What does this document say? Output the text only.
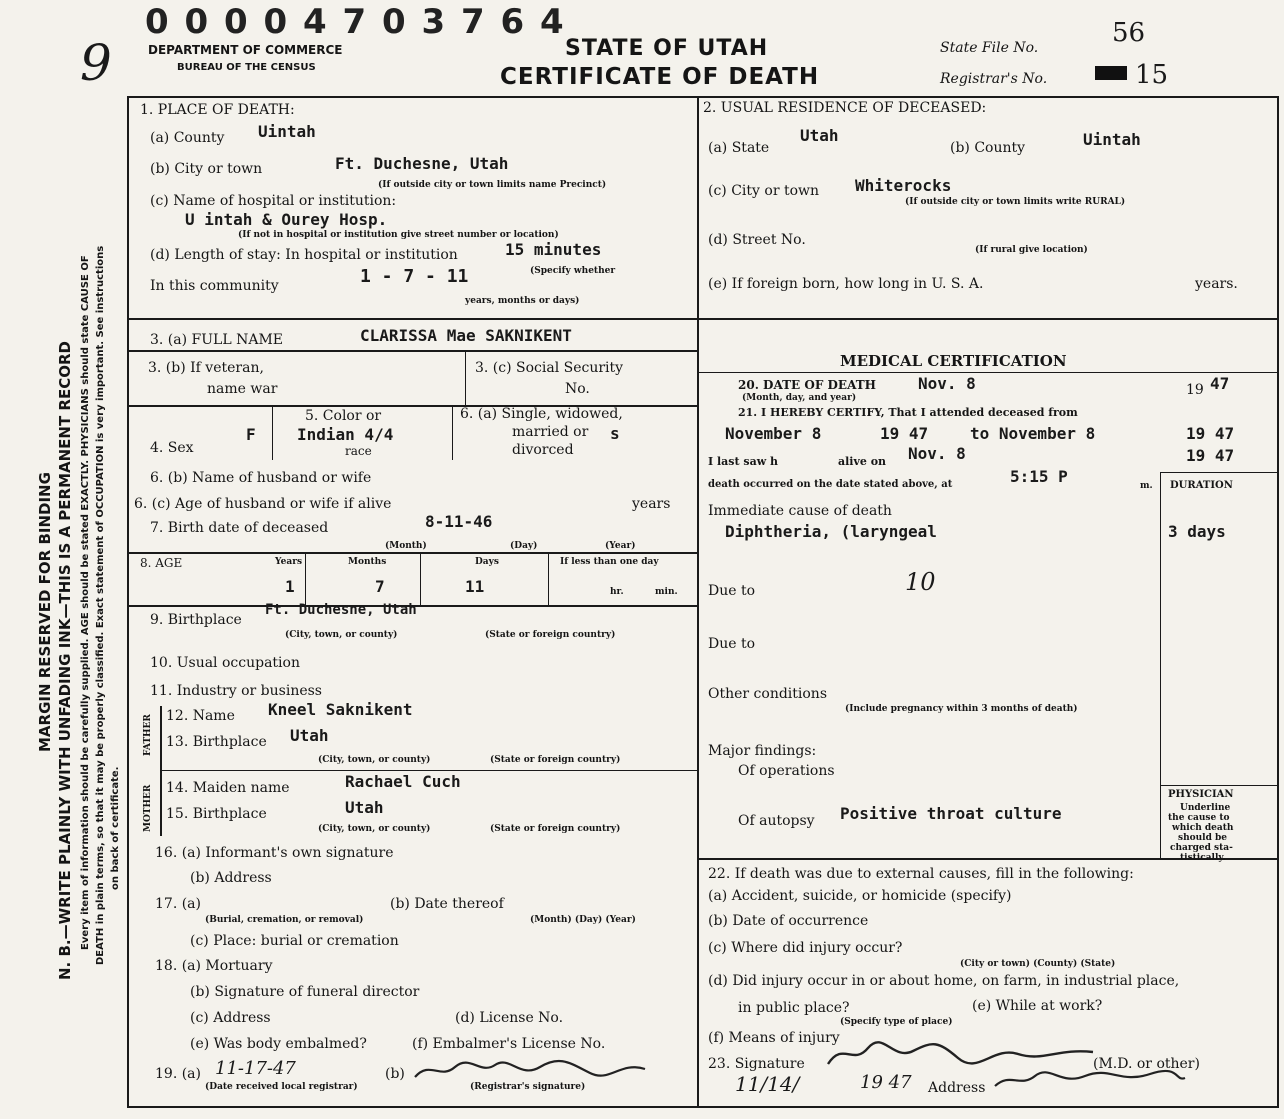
0 0 0 0 4 7 0 3 7 6 4
9	DEPARTMENT OF COMMERCE
BUREAU OF THE CENSUS
STATE OF UTAH
CERTIFICATE OF DEATH
State File No.	56
Registrar's No.	15
MARGIN RESERVED FOR BINDING N. B.—WRITE PLAINLY WITH UNFADING INK—THIS IS A PERMANENT RECORD Every item of information should be carefully supplied. AGE should be stated EXACTLY. PHYSICIANS should state CAUSE OF DEATH in plain terms, so that it may be properly classified. Exact statement of OCCUPATION is very important. See instructions on back of certificate.
1. PLACE OF DEATH:
(a) County Uintah
(b) City or town	Ft. Duchesne, Utah
(If outside city or town limits name Precinct)
(c) Name of hospital or institution:
U intah & Ourey Hosp.
(If not in hospital or institution give street number or location)
(d) Length of stay: In hospital or institution	15 minutes
(Specify whether
In this community	1 - 7 - 11
years, months or days)
3. (a) FULL NAME	CLARISSA Mae SAKNIKENT
3. (b) If veteran,
name war
3. (c) Social Security
No.
4. Sex
F
5. Color or
Indian 4/4
race
6. (a) Single, widowed,
married or
divorced
s
6. (b) Name of husband or wife
6. (c) Age of husband or wife if alive	years
7. Birth date of deceased	8-11-46
(Month)	(Day)	(Year)
8. AGE	Years	Months	Days	If less than one day
1	7	11	hr.	min.
9. Birthplace
Ft. Duchesne, Utah
(City, town, or county)	(State or foreign country)
10. Usual occupation
11. Industry or business
FATHER
MOTHER
12. Name Kneel Saknikent
13. Birthplace Utah
(City, town, or county)	(State or foreign country)
14. Maiden name	Rachael Cuch
15. Birthplace	Utah
(City, town, or county)	(State or foreign country)
16. (a) Informant's own signature
(b) Address
17. (a)
(Burial, cremation, or removal)
(b) Date thereof
(Month) (Day) (Year)
(c) Place: burial or cremation
18. (a) Mortuary
(b) Signature of funeral director
(c) Address	(d) License No.
(e) Was body embalmed?	(f) Embalmer's License No.
19. (a) 11-17-47
(Date received local registrar)
(b)
(Registrar's signature)
2. USUAL RESIDENCE OF DECEASED:
(a) State
Utah
(b) County	Uintah
(c) City or town Whiterocks
(If outside city or town limits write RURAL)
(d) Street No.
(If rural give location)
(e) If foreign born, how long in U. S. A.	years.
MEDICAL CERTIFICATION
20. DATE OF DEATH
(Month, day, and year)
Nov. 8	19 47
21. I HEREBY CERTIFY, That I attended deceased from
November 8	19 47	to November 8	19 47
I last saw h	alive on Nov. 8	19 47
death occurred on the date stated above, at	5:15 P	m. DURATION
Immediate cause of death
Diphtheria, (laryngeal	3 days
Due to	10
Due to
Other conditions
(Include pregnancy within 3 months of death)
Major findings:
Of operations
Of autopsy Positive throat culture
PHYSICIAN
Underline
the cause to
which death
should be
charged sta-
tistically.
22. If death was due to external causes, fill in the following:
(a) Accident, suicide, or homicide (specify)
(b) Date of occurrence
(c) Where did injury occur?
(City or town) (County) (State)
(d) Did injury occur in or about home, on farm, in industrial place,
in public place?
(Specify type of place)
(e) While at work?
(f) Means of injury
23. Signature	(M.D. or other)
11/14/	19 47 Address
